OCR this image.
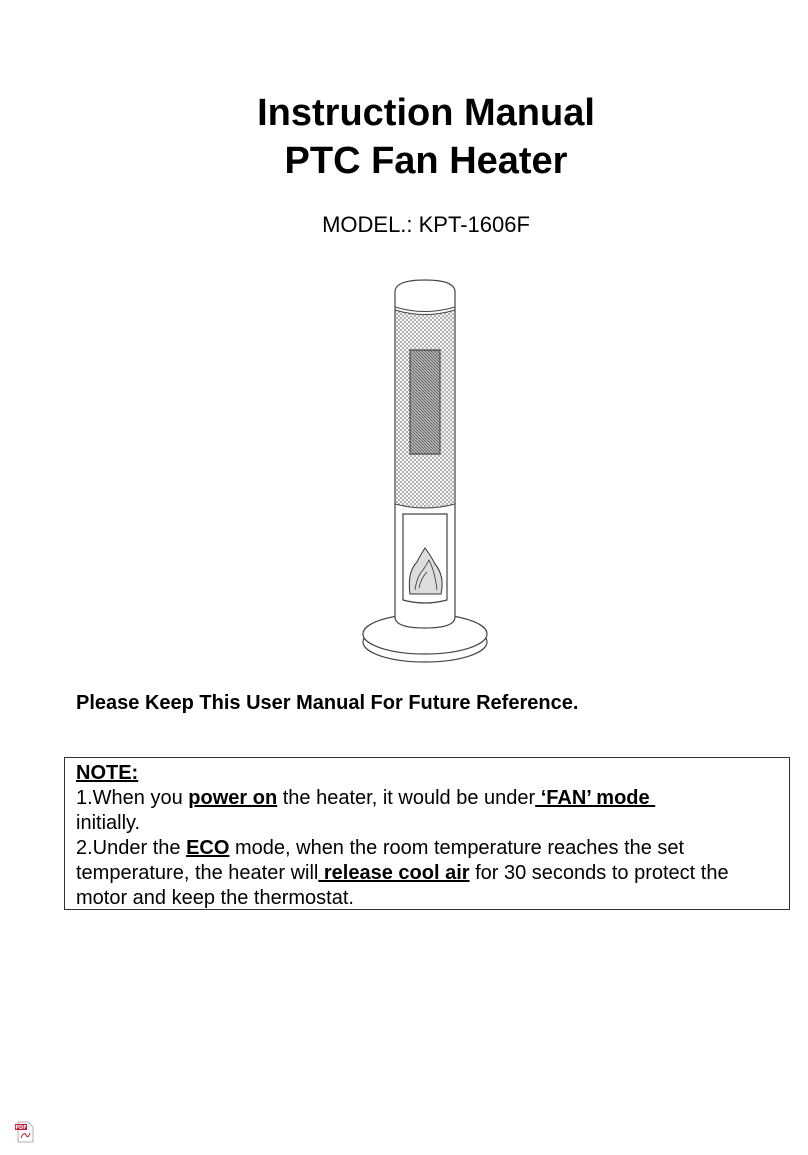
Instruction Manual
PTC Fan Heater
MODEL.: KPT-1606F
Please Keep This User Manual For Future Reference.

NOTE:

1.When you power on the heater, it would be under ‘FAN’ mode
initially.

2.Under the ECO mode, when the room temperature reaches the set temperature, the heater will release cool air for 30 seconds to protect the motor and keep the thermostat.

PDF
